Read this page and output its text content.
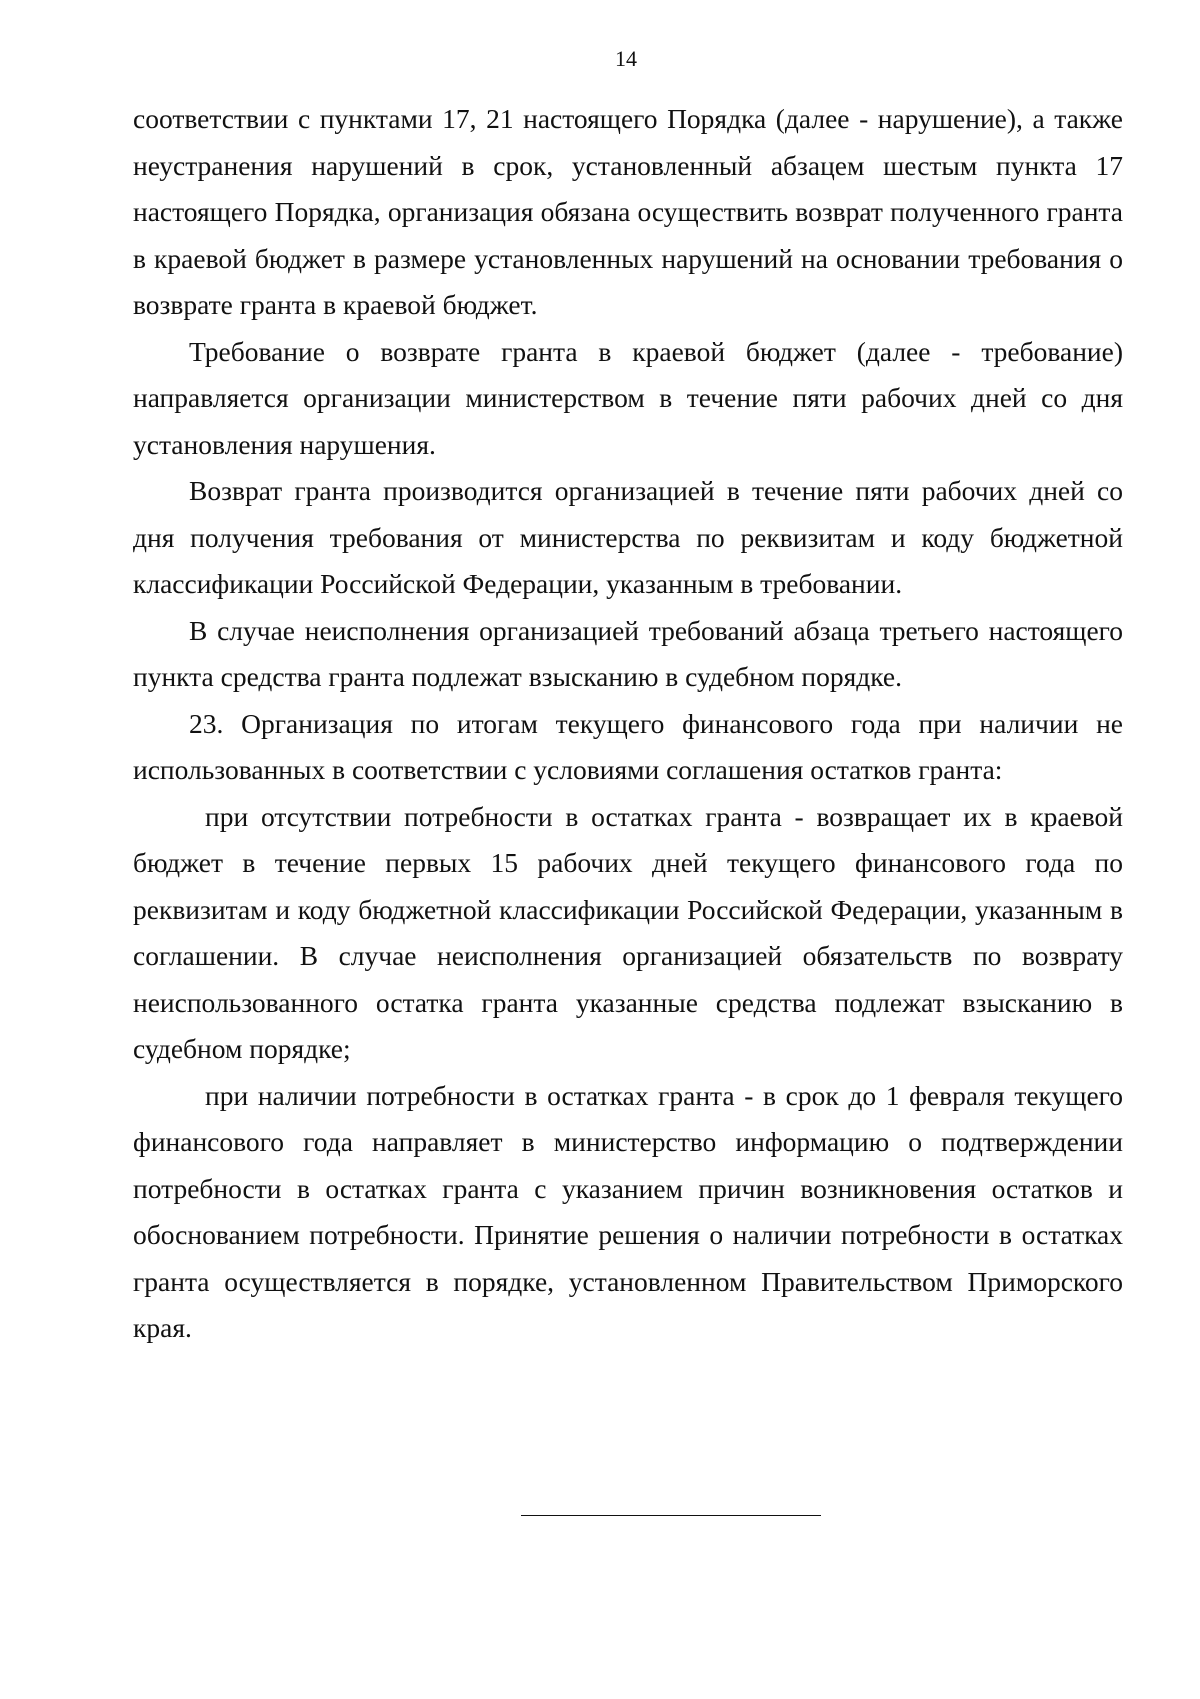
14

соответствии с пунктами 17, 21 настоящего Порядка (далее - нарушение), а также неустранения нарушений в срок, установленный абзацем шестым пункта 17 настоящего Порядка, организация обязана осуществить возврат полученного гранта в краевой бюджет в размере установленных нарушений на основании требования о возврате гранта в краевой бюджет.

Требование о возврате гранта в краевой бюджет (далее - требование) направляется организации министерством в течение пяти рабочих дней со дня установления нарушения.

Возврат гранта производится организацией в течение пяти рабочих дней со дня получения требования от министерства по реквизитам и коду бюджетной классификации Российской Федерации, указанным в требовании.

В случае неисполнения организацией требований абзаца третьего настоящего пункта средства гранта подлежат взысканию в судебном порядке.

23. Организация по итогам текущего финансового года при наличии не использованных в соответствии с условиями соглашения остатков гранта:

при отсутствии потребности в остатках гранта - возвращает их в краевой бюджет в течение первых 15 рабочих дней текущего финансового года по реквизитам и коду бюджетной классификации Российской Федерации, указанным в соглашении. В случае неисполнения организацией обязательств по возврату неиспользованного остатка гранта указанные средства подлежат взысканию в судебном порядке;

при наличии потребности в остатках гранта - в срок до 1 февраля текущего финансового года направляет в министерство информацию о подтверждении потребности в остатках гранта с указанием причин возникновения остатков и обоснованием потребности. Принятие решения о наличии потребности в остатках гранта осуществляется в порядке, установленном Правительством Приморского края.
